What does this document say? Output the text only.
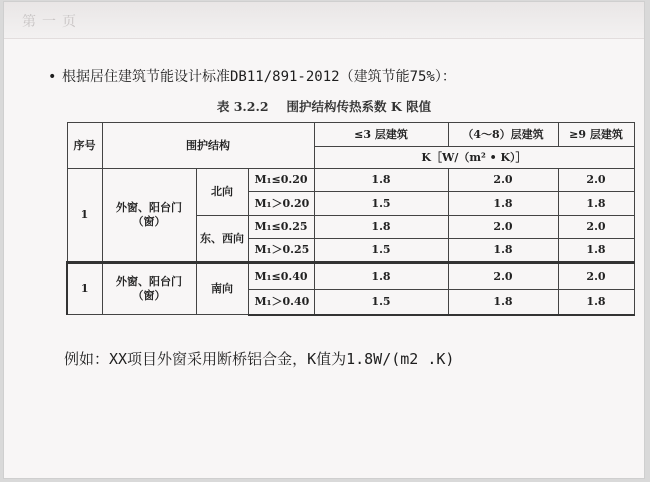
第一页
• 根据居住建筑节能设计标准DB11/891-2012（建筑节能75%）：
表 3.2.2 围护结构传热系数 K 限值
序号	围护结构			≤3 层建筑	（4～8）层建筑	≥9 层建筑
				K［W/（m² • K）］		
1	外窗、阳台门（窗）	北向	M₁≤0.20	1.8	2.0	2.0
			M₁＞0.20	1.5	1.8	1.8
		东、西向	M₁≤0.25	1.8	2.0	2.0
			M₁＞0.25	1.5	1.8	1.8
1	外窗、阳台门（窗）	南向	M₁≤0.40	1.8	2.0	2.0
			M₁＞0.40	1.5	1.8	1.8
例如：XX项目外窗采用断桥铝合金，K值为1.8W/(m2 .K)
